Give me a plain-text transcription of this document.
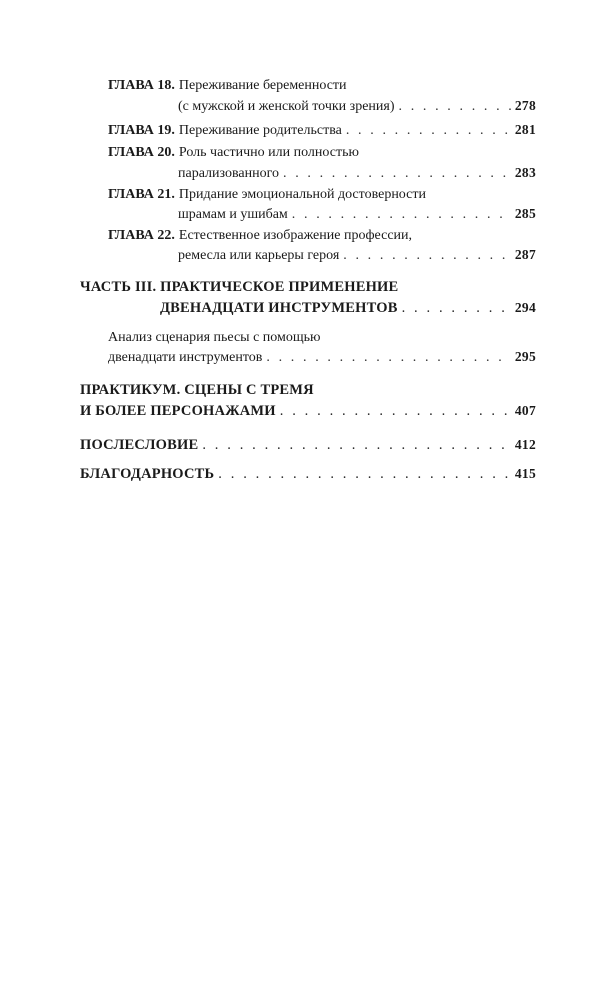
ГЛАВА 18. Переживание беременности
(с мужской и женской точки зрения) . . .	278
ГЛАВА 19. Переживание родительства . . .	281
ГЛАВА 20. Роль частично или полностью
парализованного . . .	283
ГЛАВА 21. Придание эмоциональной достоверности
шрамам и ушибам . . .	285
ГЛАВА 22. Естественное изображение профессии,
ремесла или карьеры героя . . .	287
ЧАСТЬ III. ПРАКТИЧЕСКОЕ ПРИМЕНЕНИЕ
ДВЕНАДЦАТИ ИНСТРУМЕНТОВ . . .	294
Анализ сценария пьесы с помощью
двенадцати инструментов . . .	295
ПРАКТИКУМ. СЦЕНЫ С ТРЕМЯ
И БОЛЕЕ ПЕРСОНАЖАМИ . . .	407
ПОСЛЕСЛОВИЕ . . .	412
БЛАГОДАРНОСТЬ . . .	415
